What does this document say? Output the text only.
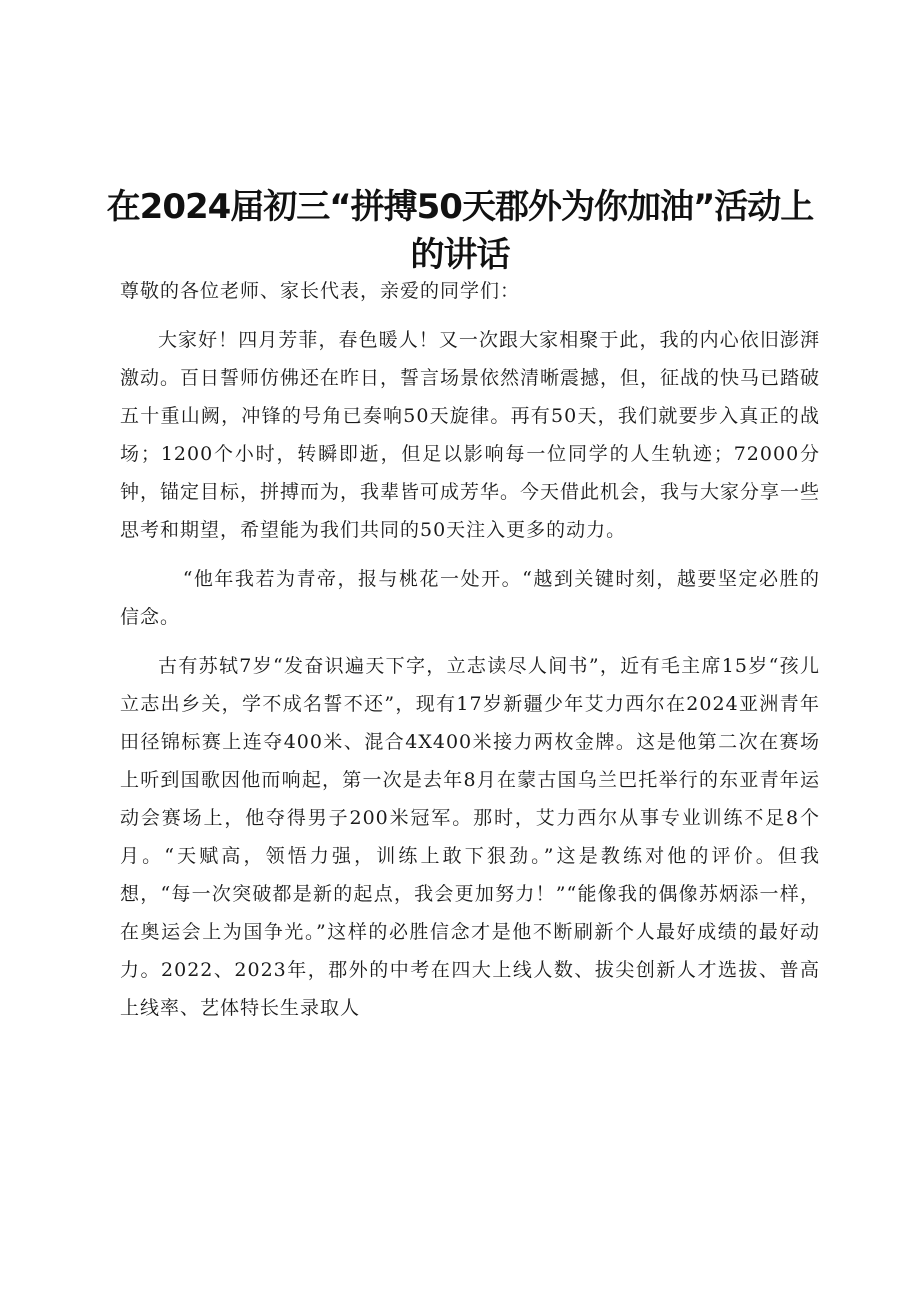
在2024届初三“拼搏50天郡外为你加油”活动上的讲话

尊敬的各位老师、家长代表，亲爱的同学们：

大家好！四月芳菲，春色暖人！又一次跟大家相聚于此，我的内心依旧澎湃激动。百日誓师仿佛还在昨日，誓言场景依然清晰震撼，但，征战的快马已踏破五十重山阙，冲锋的号角已奏响50天旋律。再有50天，我们就要步入真正的战场；1200个小时，转瞬即逝，但足以影响每一位同学的人生轨迹；72000分钟，锚定目标，拼搏而为，我辈皆可成芳华。今天借此机会，我与大家分享一些思考和期望，希望能为我们共同的50天注入更多的动力。

“他年我若为青帝，报与桃花一处开。“越到关键时刻，越要坚定必胜的信念。

古有苏轼7岁“发奋识遍天下字，立志读尽人间书”，近有毛主席15岁“孩儿立志出乡关，学不成名誓不还”，现有17岁新疆少年艾力西尔在2024亚洲青年田径锦标赛上连夺400米、混合4X400米接力两枚金牌。这是他第二次在赛场上听到国歌因他而响起，第一次是去年8月在蒙古国乌兰巴托举行的东亚青年运动会赛场上，他夺得男子200米冠军。那时，艾力西尔从事专业训练不足8个月。“天赋高，领悟力强，训练上敢下狠劲。”这是教练对他的评价。但我想，“每一次突破都是新的起点，我会更加努力！”“能像我的偶像苏炳添一样，在奥运会上为国争光。”这样的必胜信念才是他不断刷新个人最好成绩的最好动力。2022、2023年，郡外的中考在四大上线人数、拔尖创新人才选拔、普高上线率、艺体特长生录取人
